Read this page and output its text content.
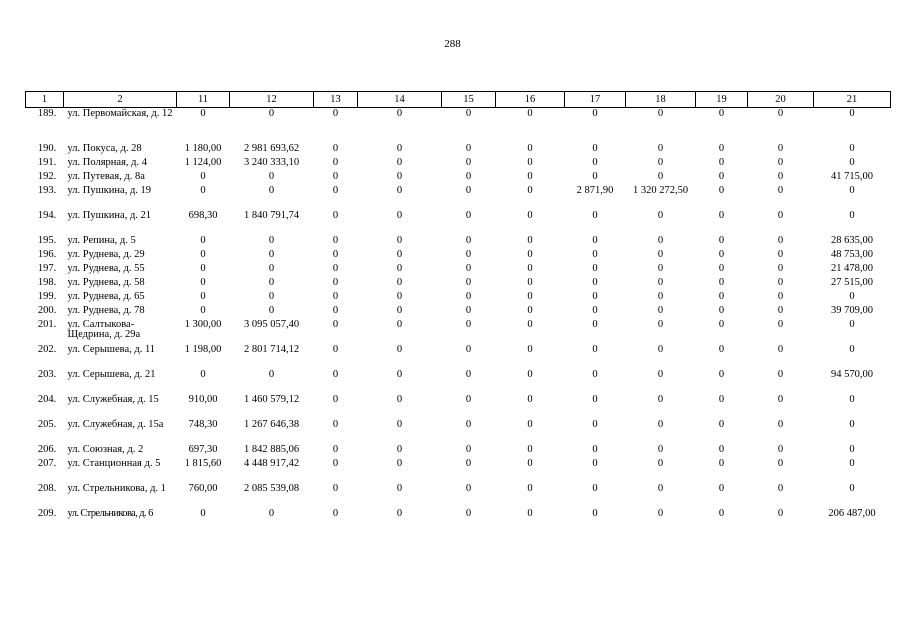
288
1	2	11	12	13	14	15	16	17	18	19	20	21
189.	ул. Первомайская, д. 12	0	0	0	0	0	0	0	0	0	0	0
190.	ул. Покуса, д. 28	1 180,00	2 981 693,62	0	0	0	0	0	0	0	0	0
191.	ул. Полярная, д. 4	1 124,00	3 240 333,10	0	0	0	0	0	0	0	0	0
192.	ул. Путевая, д. 8а	0	0	0	0	0	0	0	0	0	0	41 715,00
193.	ул. Пушкина, д. 19	0	0	0	0	0	0	2 871,90	1 320 272,50	0	0	0
194.	ул. Пушкина, д. 21	698,30	1 840 791,74	0	0	0	0	0	0	0	0	0
195.	ул. Репина, д. 5	0	0	0	0	0	0	0	0	0	0	28 635,00
196.	ул. Руднева, д. 29	0	0	0	0	0	0	0	0	0	0	48 753,00
197.	ул. Руднева, д. 55	0	0	0	0	0	0	0	0	0	0	21 478,00
198.	ул. Руднева, д. 58	0	0	0	0	0	0	0	0	0	0	27 515,00
199.	ул. Руднева, д. 65	0	0	0	0	0	0	0	0	0	0	0
200.	ул. Руднева, д. 78	0	0	0	0	0	0	0	0	0	0	39 709,00
201.	ул. Салтыкова-Щедрина, д. 29а	1 300,00	3 095 057,40	0	0	0	0	0	0	0	0	0
202.	ул. Серышева, д. 11	1 198,00	2 801 714,12	0	0	0	0	0	0	0	0	0
203.	ул. Серышева, д. 21	0	0	0	0	0	0	0	0	0	0	94 570,00
204.	ул. Служебная, д. 15	910,00	1 460 579,12	0	0	0	0	0	0	0	0	0
205.	ул. Служебная, д. 15а	748,30	1 267 646,38	0	0	0	0	0	0	0	0	0
206.	ул. Союзная, д. 2	697,30	1 842 885,06	0	0	0	0	0	0	0	0	0
207.	ул. Станционная д. 5	1 815,60	4 448 917,42	0	0	0	0	0	0	0	0	0
208.	ул. Стрельникова, д. 1	760,00	2 085 539,08	0	0	0	0	0	0	0	0	0
209.	ул. Стрельникова, д. 6	0	0	0	0	0	0	0	0	0	0	206 487,00
